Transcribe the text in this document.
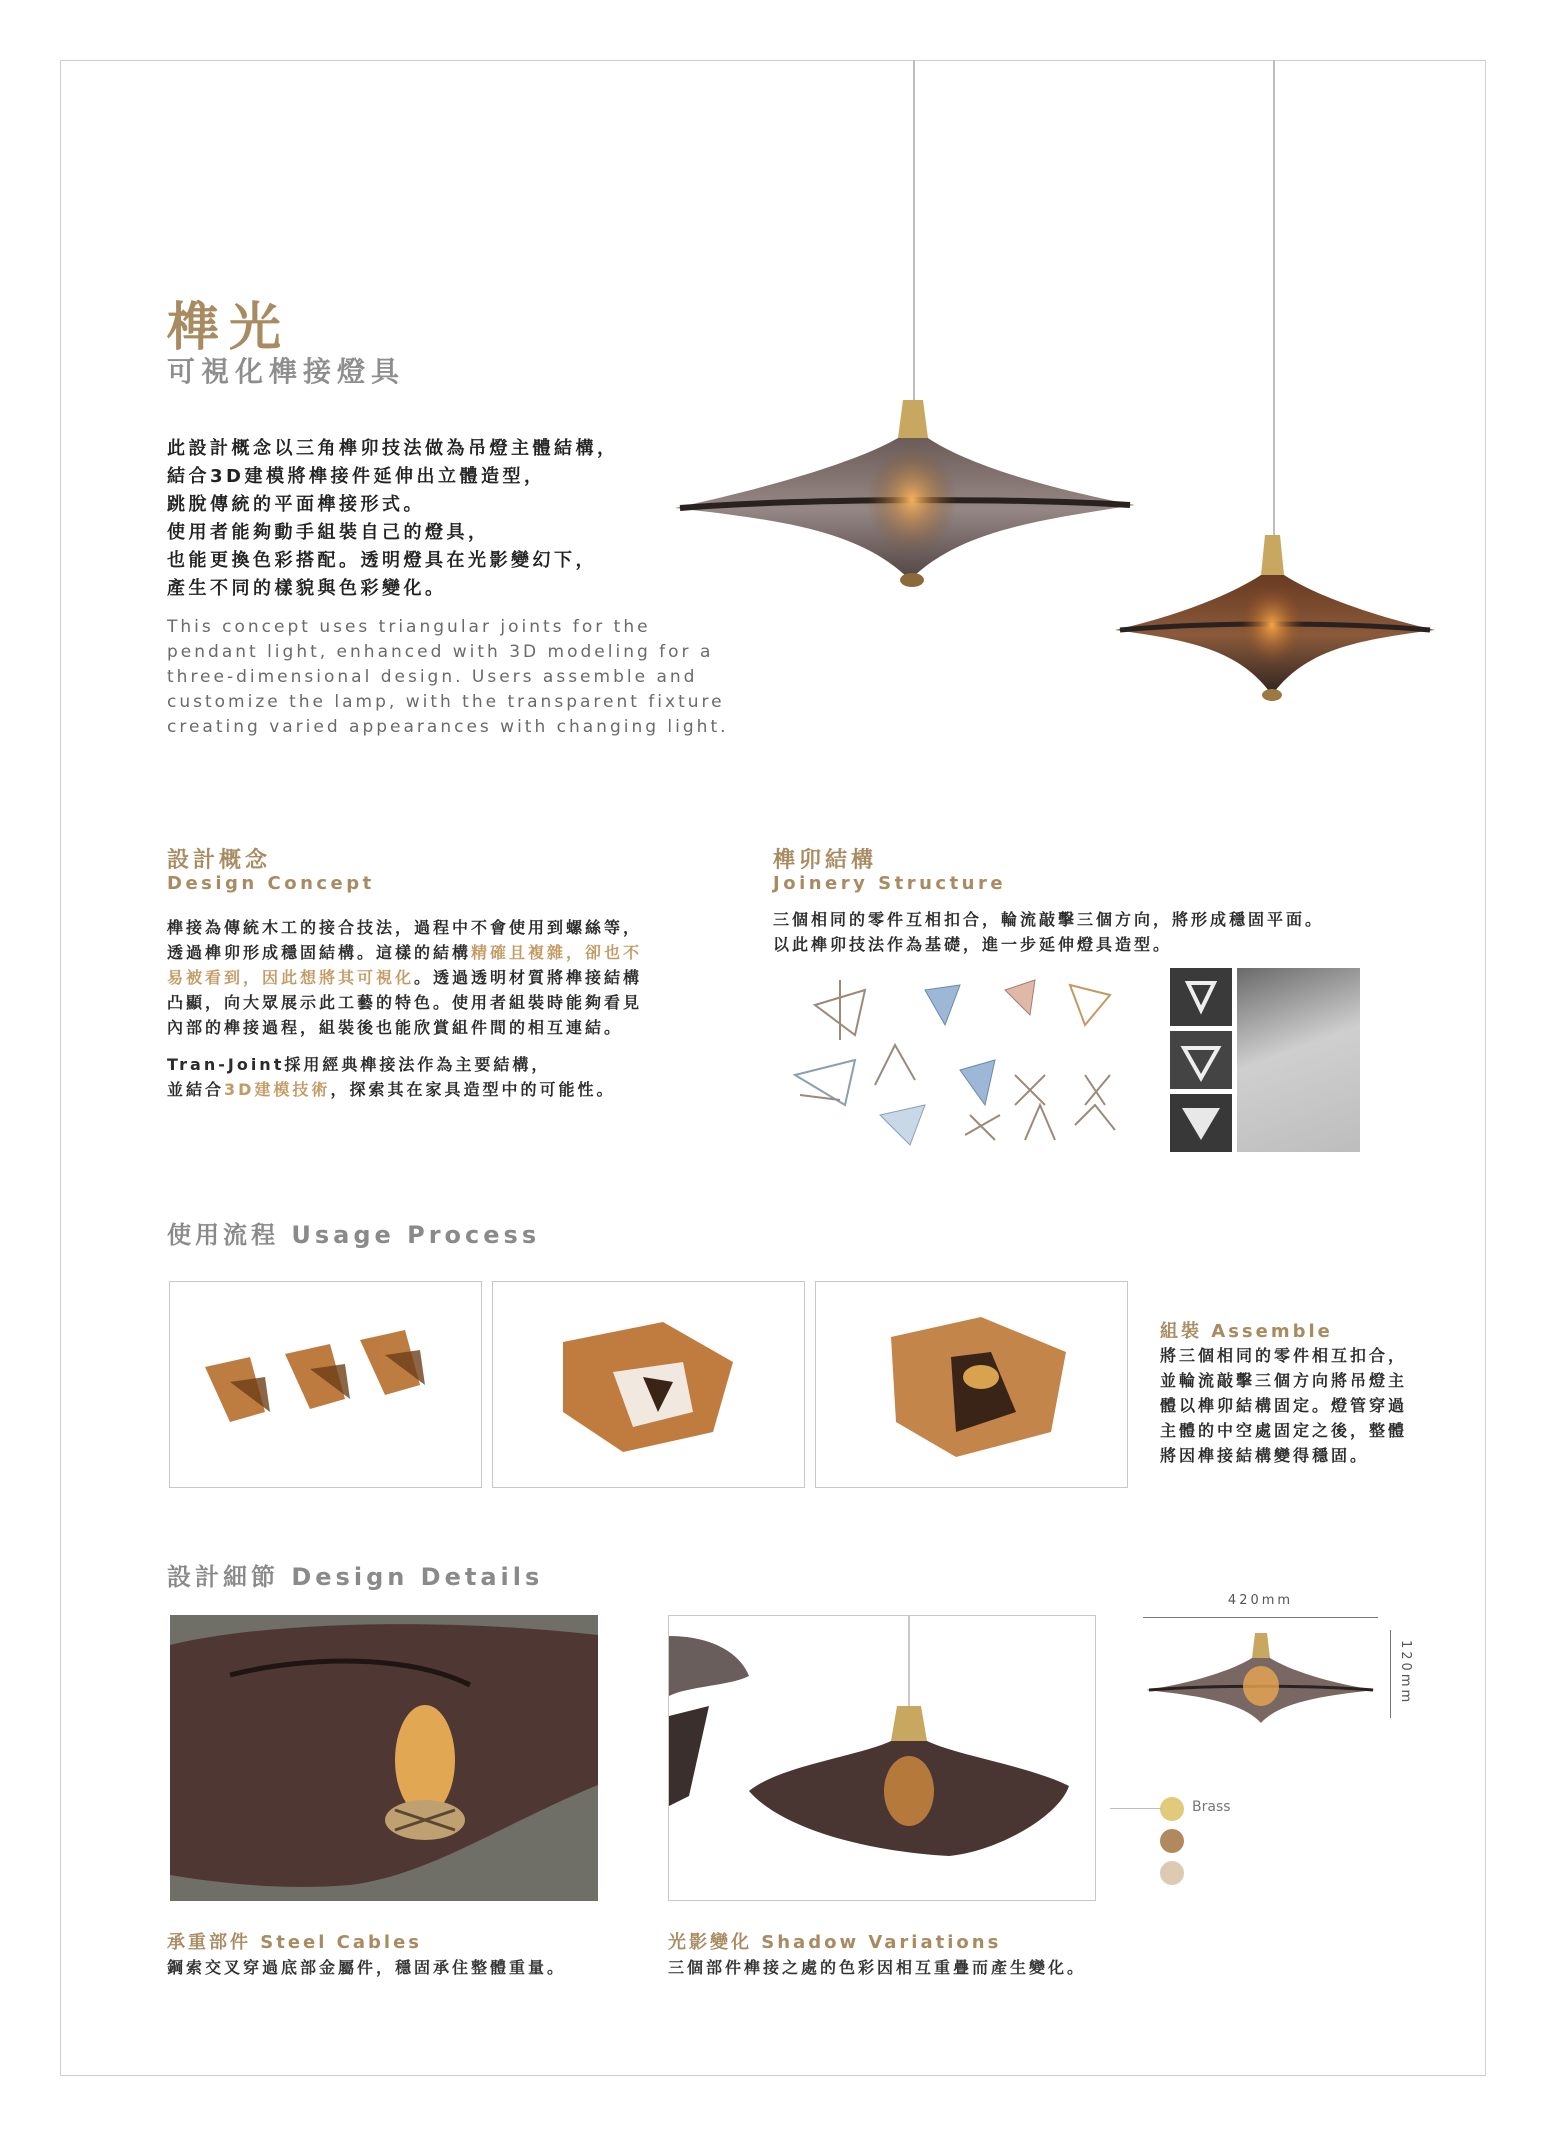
榫光
可視化榫接燈具
此設計概念以三角榫卯技法做為吊燈主體結構，
結合3D建模將榫接件延伸出立體造型，
跳脫傳統的平面榫接形式。
使用者能夠動手組裝自己的燈具，
也能更換色彩搭配。透明燈具在光影變幻下，
產生不同的樣貌與色彩變化。
This concept uses triangular joints for the
pendant light, enhanced with 3D modeling for a
three-dimensional design. Users assemble and
customize the lamp, with the transparent fixture
creating varied appearances with changing light.
設計概念
Design Concept
榫接為傳統木工的接合技法，過程中不會使用到螺絲等，
透過榫卯形成穩固結構。這樣的結構精確且複雜，卻也不
易被看到，因此想將其可視化。透過透明材質將榫接結構
凸顯，向大眾展示此工藝的特色。使用者組裝時能夠看見
內部的榫接過程，組裝後也能欣賞組件間的相互連結。
Tran-Joint採用經典榫接法作為主要結構，
並結合3D建模技術，探索其在家具造型中的可能性。
榫卯結構
Joinery Structure
三個相同的零件互相扣合，輪流敲擊三個方向，將形成穩固平面。
以此榫卯技法作為基礎，進一步延伸燈具造型。
使用流程 Usage Process
組裝 Assemble
將三個相同的零件相互扣合，
並輪流敲擊三個方向將吊燈主
體以榫卯結構固定。燈管穿過
主體的中空處固定之後，整體
將因榫接結構變得穩固。
設計細節 Design Details
承重部件 Steel Cables
鋼索交叉穿過底部金屬件，穩固承住整體重量。
光影變化 Shadow Variations
三個部件榫接之處的色彩因相互重疊而產生變化。
420mm
120mm
Brass
